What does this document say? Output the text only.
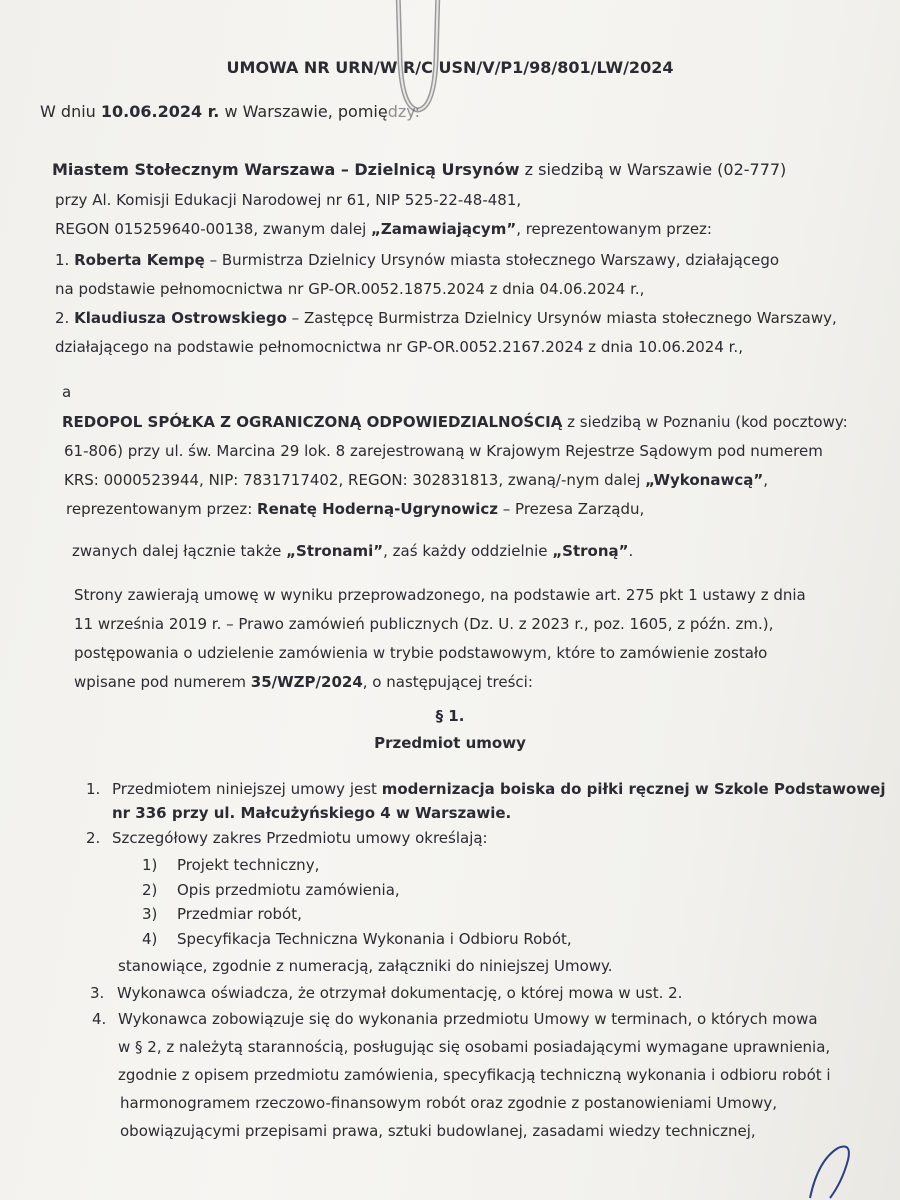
UMOWA NR URN/W R/C USN/V/P1/98/801/LW/2024
W dniu 10.06.2024 r. w Warszawie, pomiędzy:
Miastem Stołecznym Warszawa – Dzielnicą Ursynów z siedzibą w Warszawie (02-777)
przy Al. Komisji Edukacji Narodowej nr 61, NIP 525-22-48-481,
REGON 015259640-00138, zwanym dalej „Zamawiającym”, reprezentowanym przez:
1. Roberta Kempę – Burmistrza Dzielnicy Ursynów miasta stołecznego Warszawy, działającego
na podstawie pełnomocnictwa nr GP-OR.0052.1875.2024 z dnia 04.06.2024 r.,
2. Klaudiusza Ostrowskiego – Zastępcę Burmistrza Dzielnicy Ursynów miasta stołecznego Warszawy,
działającego na podstawie pełnomocnictwa nr GP-OR.0052.2167.2024 z dnia 10.06.2024 r.,
a
REDOPOL SPÓŁKA Z OGRANICZONĄ ODPOWIEDZIALNOŚCIĄ z siedzibą w Poznaniu (kod pocztowy:
61-806) przy ul. św. Marcina 29 lok. 8 zarejestrowaną w Krajowym Rejestrze Sądowym pod numerem
KRS: 0000523944, NIP: 7831717402, REGON: 302831813, zwaną/-nym dalej „Wykonawcą”,
reprezentowanym przez: Renatę Hoderną-Ugrynowicz – Prezesa Zarządu,
zwanych dalej łącznie także „Stronami”, zaś każdy oddzielnie „Stroną”.
Strony zawierają umowę w wyniku przeprowadzonego, na podstawie art. 275 pkt 1 ustawy z dnia
11 września 2019 r. – Prawo zamówień publicznych (Dz. U. z 2023 r., poz. 1605, z późn. zm.),
postępowania o udzielenie zamówienia w trybie podstawowym, które to zamówienie zostało
wpisane pod numerem 35/WZP/2024, o następującej treści:
§ 1.
Przedmiot umowy
1. Przedmiotem niniejszej umowy jest modernizacja boiska do piłki ręcznej w Szkole Podstawowej
nr 336 przy ul. Małcużyńskiego 4 w Warszawie.
2. Szczegółowy zakres Przedmiotu umowy określają:
1) Projekt techniczny,
2) Opis przedmiotu zamówienia,
3) Przedmiar robót,
4) Specyfikacja Techniczna Wykonania i Odbioru Robót,
stanowiące, zgodnie z numeracją, załączniki do niniejszej Umowy.
3. Wykonawca oświadcza, że otrzymał dokumentację, o której mowa w ust. 2.
4. Wykonawca zobowiązuje się do wykonania przedmiotu Umowy w terminach, o których mowa
w § 2, z należytą starannością, posługując się osobami posiadającymi wymagane uprawnienia,
zgodnie z opisem przedmiotu zamówienia, specyfikacją techniczną wykonania i odbioru robót i
harmonogramem rzeczowo-finansowym robót oraz zgodnie z postanowieniami Umowy,
obowiązującymi przepisami prawa, sztuki budowlanej, zasadami wiedzy technicznej,
